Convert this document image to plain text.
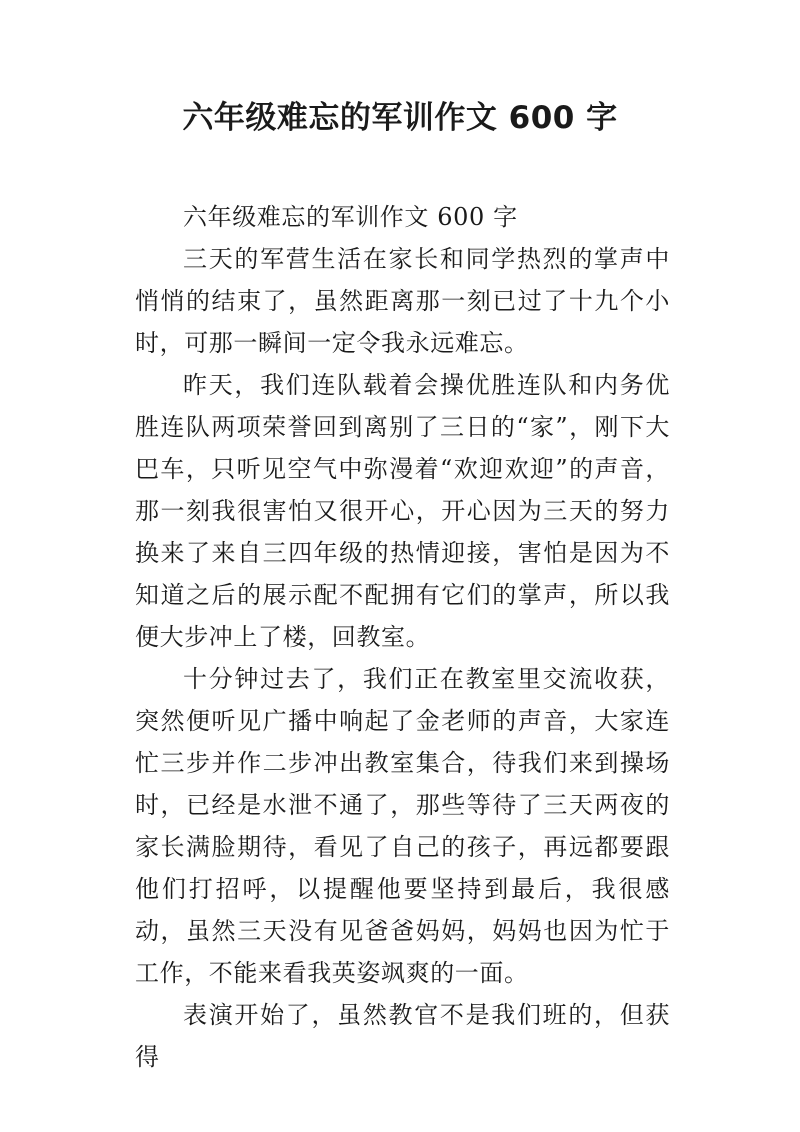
六年级难忘的军训作文 600 字

六年级难忘的军训作文 600 字

三天的军营生活在家长和同学热烈的掌声中悄悄的结束了，虽然距离那一刻已过了十九个小时，可那一瞬间一定令我永远难忘。

昨天，我们连队载着会操优胜连队和内务优胜连队两项荣誉回到离别了三日的“家”，刚下大巴车，只听见空气中弥漫着“欢迎欢迎”的声音，那一刻我很害怕又很开心，开心因为三天的努力换来了来自三四年级的热情迎接，害怕是因为不知道之后的展示配不配拥有它们的掌声，所以我便大步冲上了楼，回教室。

十分钟过去了，我们正在教室里交流收获，突然便听见广播中响起了金老师的声音，大家连忙三步并作二步冲出教室集合，待我们来到操场时，已经是水泄不通了，那些等待了三天两夜的家长满脸期待，看见了自己的孩子，再远都要跟他们打招呼，以提醒他要坚持到最后，我很感动，虽然三天没有见爸爸妈妈，妈妈也因为忙于工作，不能来看我英姿飒爽的一面。

表演开始了，虽然教官不是我们班的，但获得
